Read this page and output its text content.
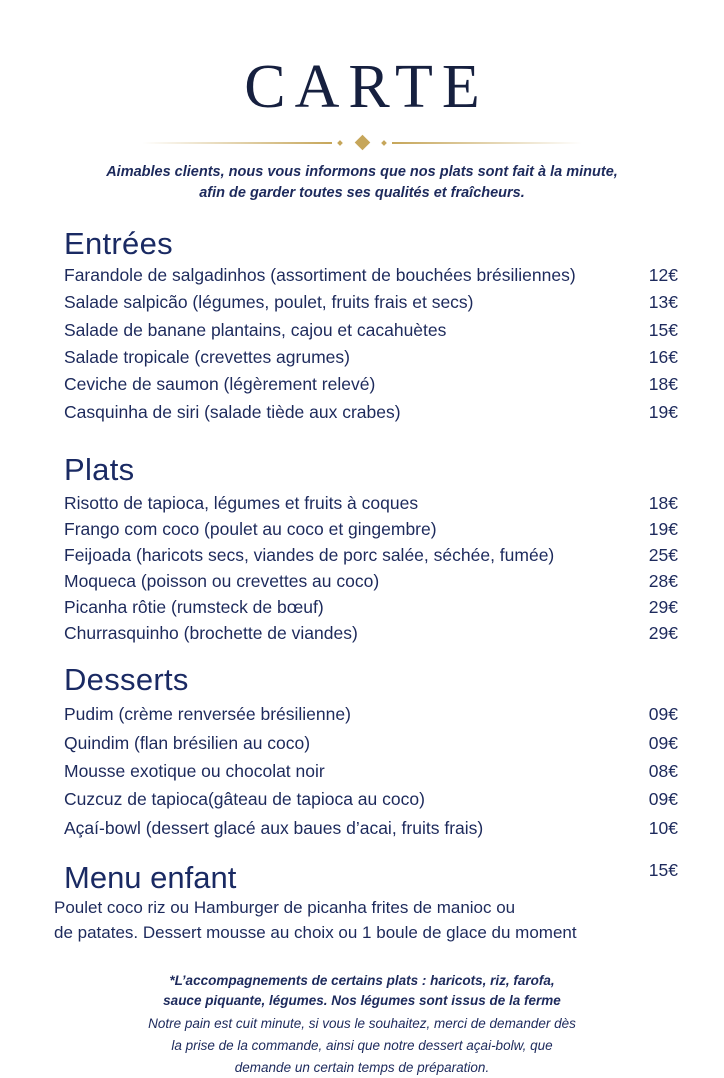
CARTE
Aimables clients, nous vous informons que nos plats sont fait à la minute,
afin de garder toutes ses qualités et fraîcheurs.
Entrées
Farandole de salgadinhos (assortiment de bouchées brésiliennes)	12€
Salade salpicão (légumes, poulet, fruits frais et secs)	13€
Salade de banane plantains, cajou et cacahuètes	15€
Salade tropicale (crevettes agrumes)	16€
Ceviche de saumon (légèrement relevé)	18€
Casquinha de siri (salade tiède aux crabes)	19€
Plats
Risotto de tapioca, légumes et fruits à coques	18€
Frango com coco (poulet au coco et gingembre)	19€
Feijoada (haricots secs, viandes de porc salée, séchée, fumée)	25€
Moqueca (poisson ou crevettes au coco)	28€
Picanha rôtie (rumsteck de bœuf)	29€
Churrasquinho (brochette de viandes)	29€
Desserts
Pudim (crème renversée brésilienne)	09€
Quindim (flan brésilien au coco)	09€
Mousse exotique ou chocolat noir	08€
Cuzcuz de tapioca(gâteau de tapioca au coco)	09€
Açaí-bowl (dessert glacé aux baues d’acai, fruits frais)	10€
Menu enfant	15€
Poulet coco riz ou Hamburger de picanha frites de manioc ou
de patates. Dessert mousse au choix ou 1 boule de glace du moment
*L’accompagnements de certains plats : haricots, riz, farofa,
sauce piquante, légumes. Nos légumes sont issus de la ferme
Notre pain est cuit minute, si vous le souhaitez, merci de demander dès
la prise de la commande, ainsi que notre dessert açai-bolw, que
demande un certain temps de préparation.
